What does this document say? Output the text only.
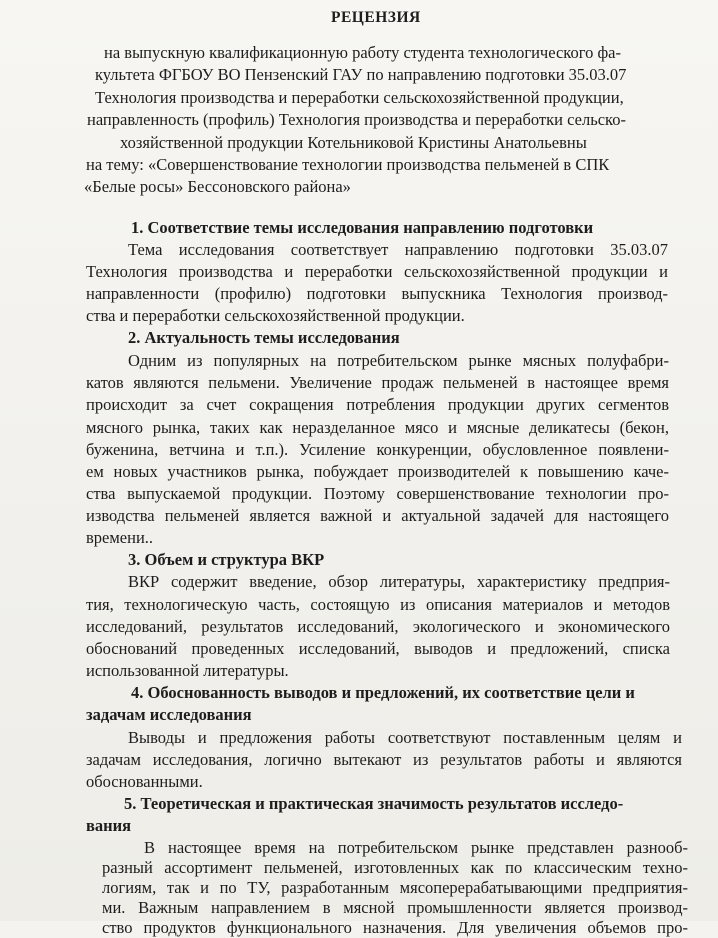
РЕЦЕНЗИЯ
на выпускную квалификационную работу студента технологического фа-
культета ФГБОУ ВО Пензенский ГАУ по направлению подготовки 35.03.07
Технология производства и переработки сельскохозяйственной продукции,
направленность (профиль) Технология производства и переработки сельско-
хозяйственной продукции Котельниковой Кристины Анатольевны
на тему: «Совершенствование технологии производства пельменей в СПК
«Белые росы» Бессоновского района»
1. Соответствие темы исследования направлению подготовки
Тема исследования соответствует направлению подготовки 35.03.07
Технология производства и переработки сельскохозяйственной продукции и
направленности (профилю) подготовки выпускника Технология производ-
ства и переработки сельскохозяйственной продукции.
2. Актуальность темы исследования
Одним из популярных на потребительском рынке мясных полуфабри-
катов являются пельмени. Увеличение продаж пельменей в настоящее время
происходит за счет сокращения потребления продукции других сегментов
мясного рынка, таких как неразделанное мясо и мясные деликатесы (бекон,
буженина, ветчина и т.п.). Усиление конкуренции, обусловленное появлени-
ем новых участников рынка, побуждает производителей к повышению каче-
ства выпускаемой продукции. Поэтому совершенствование технологии про-
изводства пельменей является важной и актуальной задачей для настоящего
времени..
3. Объем и структура ВКР
ВКР содержит введение, обзор литературы, характеристику предприя-
тия, технологическую часть, состоящую из описания материалов и методов
исследований, результатов исследований, экологического и экономического
обоснований проведенных исследований, выводов и предложений, списка
использованной литературы.
4. Обоснованность выводов и предложений, их соответствие цели и
задачам исследования
Выводы и предложения работы соответствуют поставленным целям и
задачам исследования, логично вытекают из результатов работы и являются
обоснованными.
5. Теоретическая и практическая значимость результатов исследо-
вания
В настоящее время на потребительском рынке представлен разнооб-
разный ассортимент пельменей, изготовленных как по классическим техно-
логиям, так и по ТУ, разработанным мясоперерабатывающими предприятия-
ми. Важным направлением в мясной промышленности является производ-
ство продуктов функционального назначения. Для увеличения объемов про-
